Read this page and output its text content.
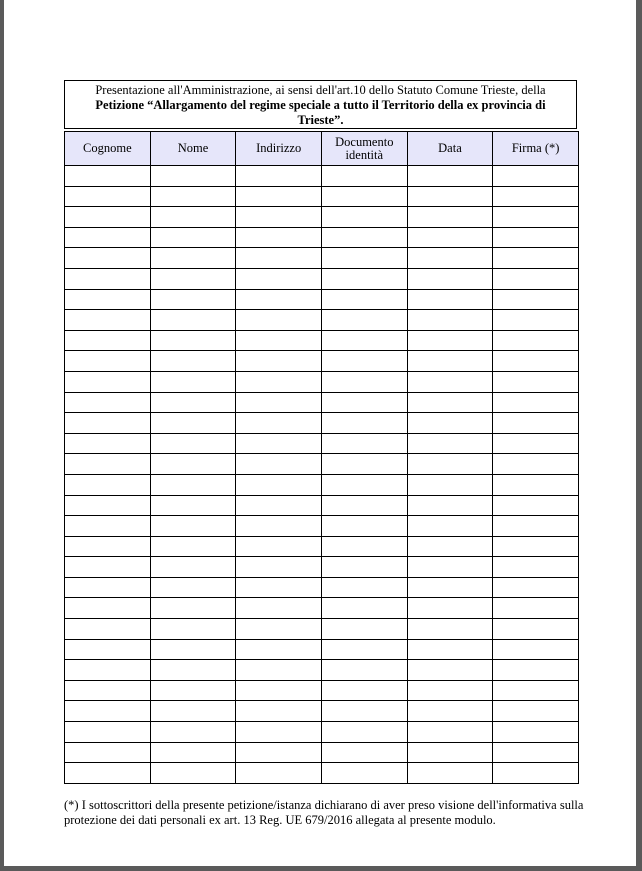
Presentazione all'Amministrazione, ai sensi dell'art.10 dello Statuto Comune Trieste, della
Petizione “Allargamento del regime speciale a tutto il Territorio della ex provincia di Trieste”.
Cognome	Nome	Indirizzo	Documento identità	Data	Firma (*)

(*) I sottoscrittori della presente petizione/istanza dichiarano di aver preso visione dell'informativa sulla protezione dei dati personali ex art. 13 Reg. UE 679/2016 allegata al presente modulo.
